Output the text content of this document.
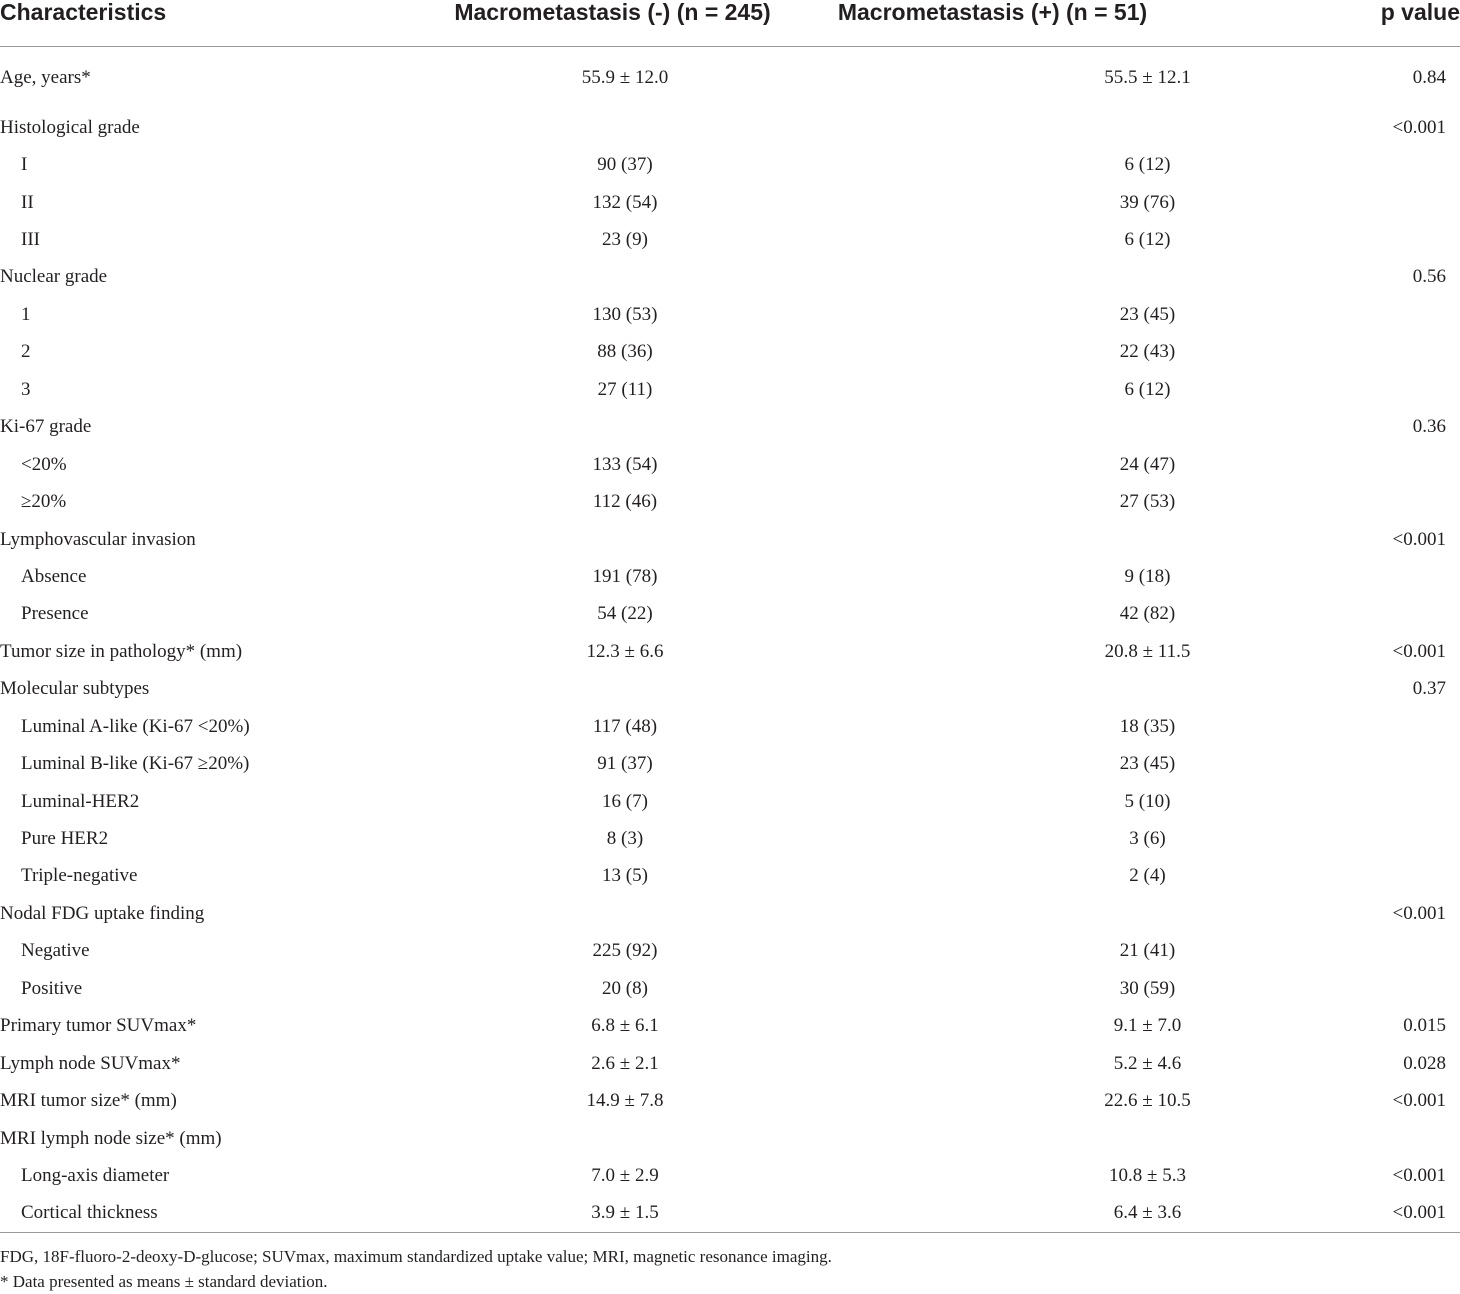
Characteristics	Macrometastasis (-) (n = 245)	Macrometastasis (+) (n = 51)	p value
Age, years*	55.9 ± 12.0	55.5 ± 12.1	0.84
Histological grade			<0.001
I	90 (37)	6 (12)	
II	132 (54)	39 (76)	
III	23 (9)	6 (12)	
Nuclear grade			0.56
1	130 (53)	23 (45)	
2	88 (36)	22 (43)	
3	27 (11)	6 (12)	
Ki-67 grade			0.36
<20%	133 (54)	24 (47)	
≥20%	112 (46)	27 (53)	
Lymphovascular invasion			<0.001
Absence	191 (78)	9 (18)	
Presence	54 (22)	42 (82)	
Tumor size in pathology* (mm)	12.3 ± 6.6	20.8 ± 11.5	<0.001
Molecular subtypes			0.37
Luminal A-like (Ki-67 <20%)	117 (48)	18 (35)	
Luminal B-like (Ki-67 ≥20%)	91 (37)	23 (45)	
Luminal-HER2	16 (7)	5 (10)	
Pure HER2	8 (3)	3 (6)	
Triple-negative	13 (5)	2 (4)	
Nodal FDG uptake finding			<0.001
Negative	225 (92)	21 (41)	
Positive	20 (8)	30 (59)	
Primary tumor SUVmax*	6.8 ± 6.1	9.1 ± 7.0	0.015
Lymph node SUVmax*	2.6 ± 2.1	5.2 ± 4.6	0.028
MRI tumor size* (mm)	14.9 ± 7.8	22.6 ± 10.5	<0.001
MRI lymph node size* (mm)			
Long-axis diameter	7.0 ± 2.9	10.8 ± 5.3	<0.001
Cortical thickness	3.9 ± 1.5	6.4 ± 3.6	<0.001
FDG, 18F-fluoro-2-deoxy-D-glucose; SUVmax, maximum standardized uptake value; MRI, magnetic resonance imaging.
* Data presented as means ± standard deviation.
